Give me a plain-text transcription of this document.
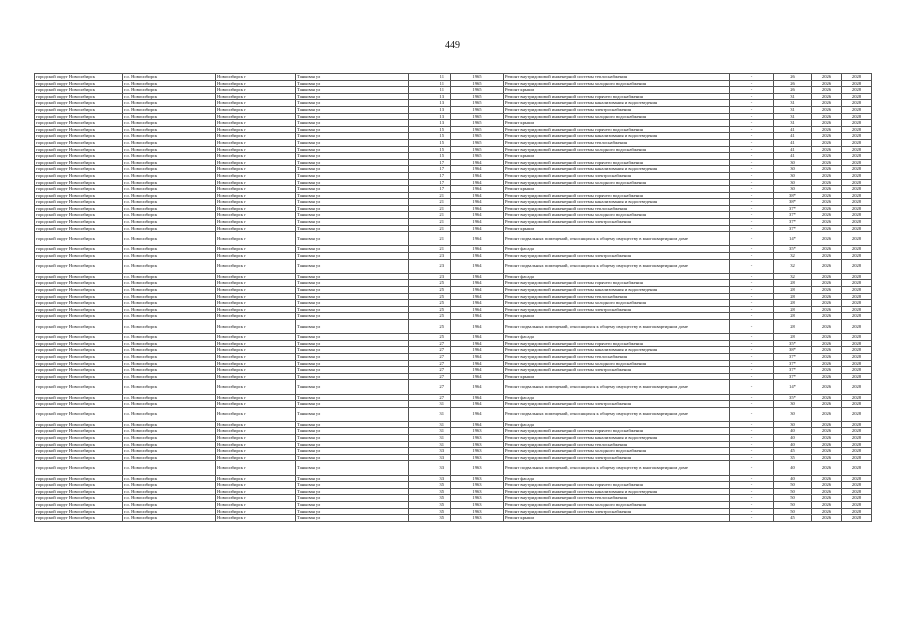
449
городской округ Новосибирск	г.о. Новосибирск	Новосибирск г	Танковая ул	11	1965	Ремонт внутридомовой инженерной системы теплоснабжения	-	26	2026	2028
городской округ Новосибирск	г.о. Новосибирск	Новосибирск г	Танковая ул	11	1965	Ремонт внутридомовой инженерной системы холодного водоснабжения	-	26	2026	2028
городской округ Новосибирск	г.о. Новосибирск	Новосибирск г	Танковая ул	11	1965	Ремонт крыши	-	26	2026	2028
городской округ Новосибирск	г.о. Новосибирск	Новосибирск г	Танковая ул	13	1965	Ремонт внутридомовой инженерной системы горячего водоснабжения	-	31	2026	2028
городской округ Новосибирск	г.о. Новосибирск	Новосибирск г	Танковая ул	13	1965	Ремонт внутридомовой инженерной системы канализования и водоотведения	-	31	2026	2028
городской округ Новосибирск	г.о. Новосибирск	Новосибирск г	Танковая ул	13	1965	Ремонт внутридомовой инженерной системы электроснабжения	-	31	2026	2028
городской округ Новосибирск	г.о. Новосибирск	Новосибирск г	Танковая ул	13	1965	Ремонт внутридомовой инженерной системы холодного водоснабжения	-	31	2026	2028
городской округ Новосибирск	г.о. Новосибирск	Новосибирск г	Танковая ул	13	1965	Ремонт крыши	-	31	2026	2028
городской округ Новосибирск	г.о. Новосибирск	Новосибирск г	Танковая ул	15	1965	Ремонт внутридомовой инженерной системы горячего водоснабжения	-	41	2026	2028
городской округ Новосибирск	г.о. Новосибирск	Новосибирск г	Танковая ул	15	1965	Ремонт внутридомовой инженерной системы канализования и водоотведения	-	41	2026	2028
городской округ Новосибирск	г.о. Новосибирск	Новосибирск г	Танковая ул	15	1965	Ремонт внутридомовой инженерной системы теплоснабжения	-	41	2026	2028
городской округ Новосибирск	г.о. Новосибирск	Новосибирск г	Танковая ул	15	1965	Ремонт внутридомовой инженерной системы холодного водоснабжения	-	41	2026	2028
городской округ Новосибирск	г.о. Новосибирск	Новосибирск г	Танковая ул	15	1965	Ремонт крыши	-	41	2026	2028
городской округ Новосибирск	г.о. Новосибирск	Новосибирск г	Танковая ул	17	1964	Ремонт внутридомовой инженерной системы горячего водоснабжения	-	30	2026	2028
городской округ Новосибирск	г.о. Новосибирск	Новосибирск г	Танковая ул	17	1964	Ремонт внутридомовой инженерной системы канализования и водоотведения	-	30	2026	2028
городской округ Новосибирск	г.о. Новосибирск	Новосибирск г	Танковая ул	17	1964	Ремонт внутридомовой инженерной системы электроснабжения	-	30	2026	2028
городской округ Новосибирск	г.о. Новосибирск	Новосибирск г	Танковая ул	17	1964	Ремонт внутридомовой инженерной системы холодного водоснабжения	-	30	2026	2028
городской округ Новосибирск	г.о. Новосибирск	Новосибирск г	Танковая ул	17	1964	Ремонт крыши	-	30	2026	2028
городской округ Новосибирск	г.о. Новосибирск	Новосибирск г	Танковая ул	21	1964	Ремонт внутридомовой инженерной системы горячего водоснабжения	-	38*	2026	2028
городской округ Новосибирск	г.о. Новосибирск	Новосибирск г	Танковая ул	21	1964	Ремонт внутридомовой инженерной системы канализования и водоотведения	-	38*	2026	2028
городской округ Новосибирск	г.о. Новосибирск	Новосибирск г	Танковая ул	21	1964	Ремонт внутридомовой инженерной системы теплоснабжения	-	37*	2026	2028
городской округ Новосибирск	г.о. Новосибирск	Новосибирск г	Танковая ул	21	1964	Ремонт внутридомовой инженерной системы холодного водоснабжения	-	37*	2026	2028
городской округ Новосибирск	г.о. Новосибирск	Новосибирск г	Танковая ул	21	1964	Ремонт внутридомовой инженерной системы электроснабжения	-	37*	2026	2028
городской округ Новосибирск	г.о. Новосибирск	Новосибирск г	Танковая ул	21	1964	Ремонт крыши	-	37*	2026	2028
городской округ Новосибирск	г.о. Новосибирск	Новосибирск г	Танковая ул	21	1964	Ремонт подвальных помещений, относящихся к общему имуществу в многоквартирном доме	-	14*	2026	2028
городской округ Новосибирск	г.о. Новосибирск	Новосибирск г	Танковая ул	21	1964	Ремонт фасада	-	35*	2026	2028
городской округ Новосибирск	г.о. Новосибирск	Новосибирск г	Танковая ул	23	1964	Ремонт внутридомовой инженерной системы электроснабжения	-	32	2026	2028
городской округ Новосибирск	г.о. Новосибирск	Новосибирск г	Танковая ул	23	1964	Ремонт подвальных помещений, относящихся к общему имуществу в многоквартирном доме	-	32	2026	2028
городской округ Новосибирск	г.о. Новосибирск	Новосибирск г	Танковая ул	23	1964	Ремонт фасада	-	32	2026	2028
городской округ Новосибирск	г.о. Новосибирск	Новосибирск г	Танковая ул	25	1964	Ремонт внутридомовой инженерной системы горячего водоснабжения	-	28	2026	2028
городской округ Новосибирск	г.о. Новосибирск	Новосибирск г	Танковая ул	25	1964	Ремонт внутридомовой инженерной системы канализования и водоотведения	-	28	2026	2028
городской округ Новосибирск	г.о. Новосибирск	Новосибирск г	Танковая ул	25	1964	Ремонт внутридомовой инженерной системы теплоснабжения	-	28	2026	2028
городской округ Новосибирск	г.о. Новосибирск	Новосибирск г	Танковая ул	25	1964	Ремонт внутридомовой инженерной системы холодного водоснабжения	-	28	2026	2028
городской округ Новосибирск	г.о. Новосибирск	Новосибирск г	Танковая ул	25	1964	Ремонт внутридомовой инженерной системы электроснабжения	-	28	2026	2028
городской округ Новосибирск	г.о. Новосибирск	Новосибирск г	Танковая ул	25	1964	Ремонт крыши	-	28	2026	2028
городской округ Новосибирск	г.о. Новосибирск	Новосибирск г	Танковая ул	25	1964	Ремонт подвальных помещений, относящихся к общему имуществу в многоквартирном доме	-	28	2026	2028
городской округ Новосибирск	г.о. Новосибирск	Новосибирск г	Танковая ул	25	1964	Ремонт фасада	-	28	2026	2028
городской округ Новосибирск	г.о. Новосибирск	Новосибирск г	Танковая ул	27	1964	Ремонт внутридомовой инженерной системы горячего водоснабжения	-	35*	2026	2028
городской округ Новосибирск	г.о. Новосибирск	Новосибирск г	Танковая ул	27	1964	Ремонт внутридомовой инженерной системы канализования и водоотведения	-	38*	2026	2028
городской округ Новосибирск	г.о. Новосибирск	Новосибирск г	Танковая ул	27	1964	Ремонт внутридомовой инженерной системы теплоснабжения	-	37*	2026	2028
городской округ Новосибирск	г.о. Новосибирск	Новосибирск г	Танковая ул	27	1964	Ремонт внутридомовой инженерной системы холодного водоснабжения	-	37*	2026	2028
городской округ Новосибирск	г.о. Новосибирск	Новосибирск г	Танковая ул	27	1964	Ремонт внутридомовой инженерной системы электроснабжения	-	37*	2026	2028
городской округ Новосибирск	г.о. Новосибирск	Новосибирск г	Танковая ул	27	1964	Ремонт крыши	-	37*	2026	2028
городской округ Новосибирск	г.о. Новосибирск	Новосибирск г	Танковая ул	27	1964	Ремонт подвальных помещений, относящихся к общему имуществу в многоквартирном доме	-	14*	2026	2028
городской округ Новосибирск	г.о. Новосибирск	Новосибирск г	Танковая ул	27	1964	Ремонт фасада	-	35*	2026	2028
городской округ Новосибирск	г.о. Новосибирск	Новосибирск г	Танковая ул	31	1964	Ремонт внутридомовой инженерной системы электроснабжения	-	30	2026	2028
городской округ Новосибирск	г.о. Новосибирск	Новосибирск г	Танковая ул	31	1964	Ремонт подвальных помещений, относящихся к общему имуществу в многоквартирном доме	-	30	2026	2028
городской округ Новосибирск	г.о. Новосибирск	Новосибирск г	Танковая ул	31	1964	Ремонт фасада	-	30	2026	2028
городской округ Новосибирск	г.о. Новосибирск	Новосибирск г	Танковая ул	31	1963	Ремонт внутридомовой инженерной системы горячего водоснабжения	-	40	2026	2028
городской округ Новосибирск	г.о. Новосибирск	Новосибирск г	Танковая ул	31	1963	Ремонт внутридомовой инженерной системы канализования и водоотведения	-	40	2026	2028
городской округ Новосибирск	г.о. Новосибирск	Новосибирск г	Танковая ул	31	1963	Ремонт внутридомовой инженерной системы теплоснабжения	-	40	2026	2028
городской округ Новосибирск	г.о. Новосибирск	Новосибирск г	Танковая ул	33	1963	Ремонт внутридомовой инженерной системы холодного водоснабжения	-	45	2026	2028
городской округ Новосибирск	г.о. Новосибирск	Новосибирск г	Танковая ул	33	1963	Ремонт внутридомовой инженерной системы электроснабжения	-	35	2026	2028
городской округ Новосибирск	г.о. Новосибирск	Новосибирск г	Танковая ул	33	1963	Ремонт подвальных помещений, относящихся к общему имуществу в многоквартирном доме	-	40	2026	2028
городской округ Новосибирск	г.о. Новосибирск	Новосибирск г	Танковая ул	33	1963	Ремонт фасада	-	40	2026	2028
городской округ Новосибирск	г.о. Новосибирск	Новосибирск г	Танковая ул	35	1963	Ремонт внутридомовой инженерной системы горячего водоснабжения	-	50	2026	2028
городской округ Новосибирск	г.о. Новосибирск	Новосибирск г	Танковая ул	35	1963	Ремонт внутридомовой инженерной системы канализования и водоотведения	-	50	2026	2028
городской округ Новосибирск	г.о. Новосибирск	Новосибирск г	Танковая ул	35	1963	Ремонт внутридомовой инженерной системы теплоснабжения	-	50	2026	2028
городской округ Новосибирск	г.о. Новосибирск	Новосибирск г	Танковая ул	35	1963	Ремонт внутридомовой инженерной системы холодного водоснабжения	-	50	2026	2028
городской округ Новосибирск	г.о. Новосибирск	Новосибирск г	Танковая ул	35	1963	Ремонт внутридомовой инженерной системы электроснабжения	-	50	2026	2028
городской округ Новосибирск	г.о. Новосибирск	Новосибирск г	Танковая ул	35	1963	Ремонт крыши	-	45	2026	2028
